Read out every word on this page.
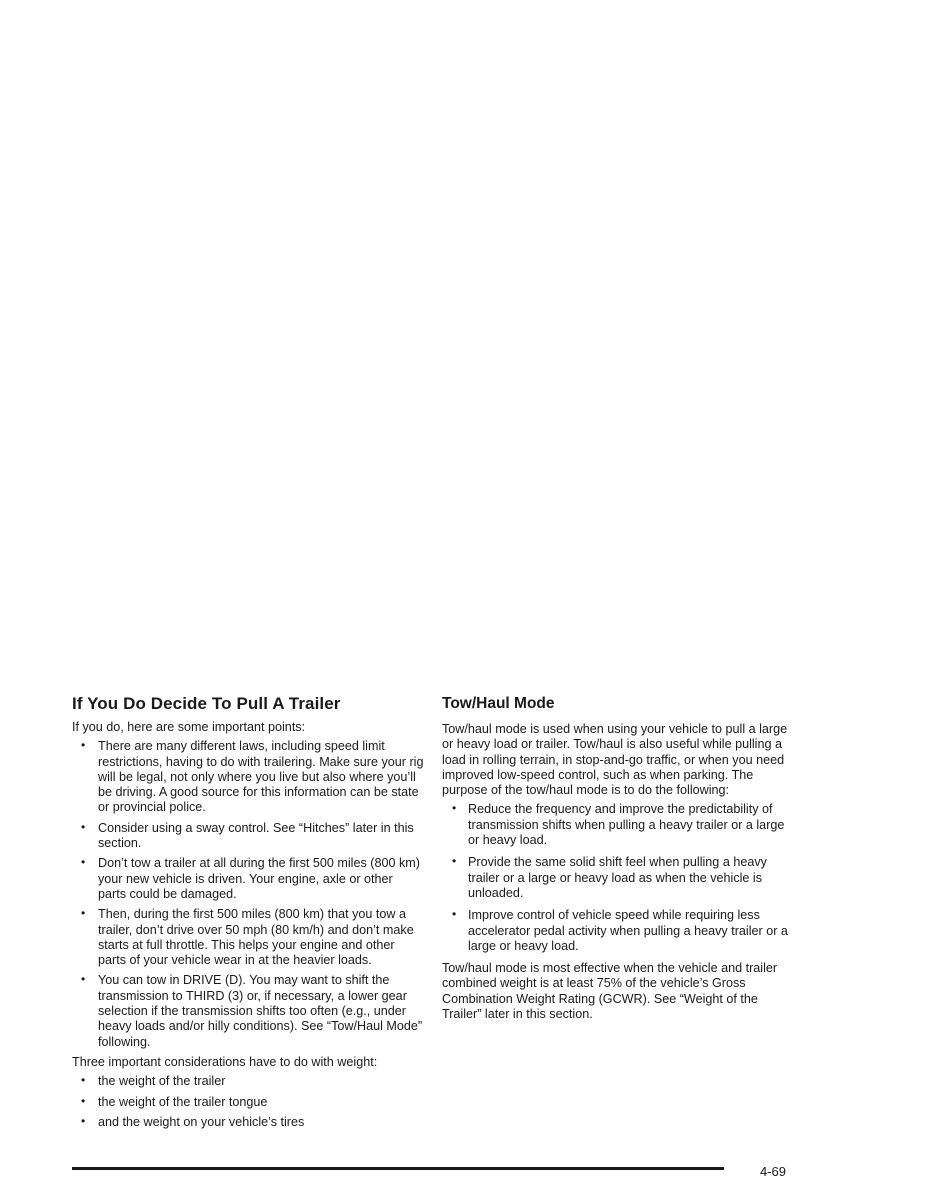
If You Do Decide To Pull A Trailer

If you do, here are some important points:

• There are many different laws, including speed limit restrictions, having to do with trailering. Make sure your rig will be legal, not only where you live but also where you’ll be driving. A good source for this information can be state or provincial police.
• Consider using a sway control. See “Hitches” later in this section.
• Don’t tow a trailer at all during the first 500 miles (800 km) your new vehicle is driven. Your engine, axle or other parts could be damaged.
• Then, during the first 500 miles (800 km) that you tow a trailer, don’t drive over 50 mph (80 km/h) and don’t make starts at full throttle. This helps your engine and other parts of your vehicle wear in at the heavier loads.
• You can tow in DRIVE (D). You may want to shift the transmission to THIRD (3) or, if necessary, a lower gear selection if the transmission shifts too often (e.g., under heavy loads and/or hilly conditions). See “Tow/Haul Mode” following.

Three important considerations have to do with weight:

• the weight of the trailer
• the weight of the trailer tongue
• and the weight on your vehicle’s tires
Tow/Haul Mode

Tow/haul mode is used when using your vehicle to pull a large or heavy load or trailer. Tow/haul is also useful while pulling a load in rolling terrain, in stop-and-go traffic, or when you need improved low-speed control, such as when parking. The purpose of the tow/haul mode is to do the following:

• Reduce the frequency and improve the predictability of transmission shifts when pulling a heavy trailer or a large or heavy load.
• Provide the same solid shift feel when pulling a heavy trailer or a large or heavy load as when the vehicle is unloaded.
• Improve control of vehicle speed while requiring less accelerator pedal activity when pulling a heavy trailer or a large or heavy load.

Tow/haul mode is most effective when the vehicle and trailer combined weight is at least 75% of the vehicle’s Gross Combination Weight Rating (GCWR). See “Weight of the Trailer” later in this section.

4-69
